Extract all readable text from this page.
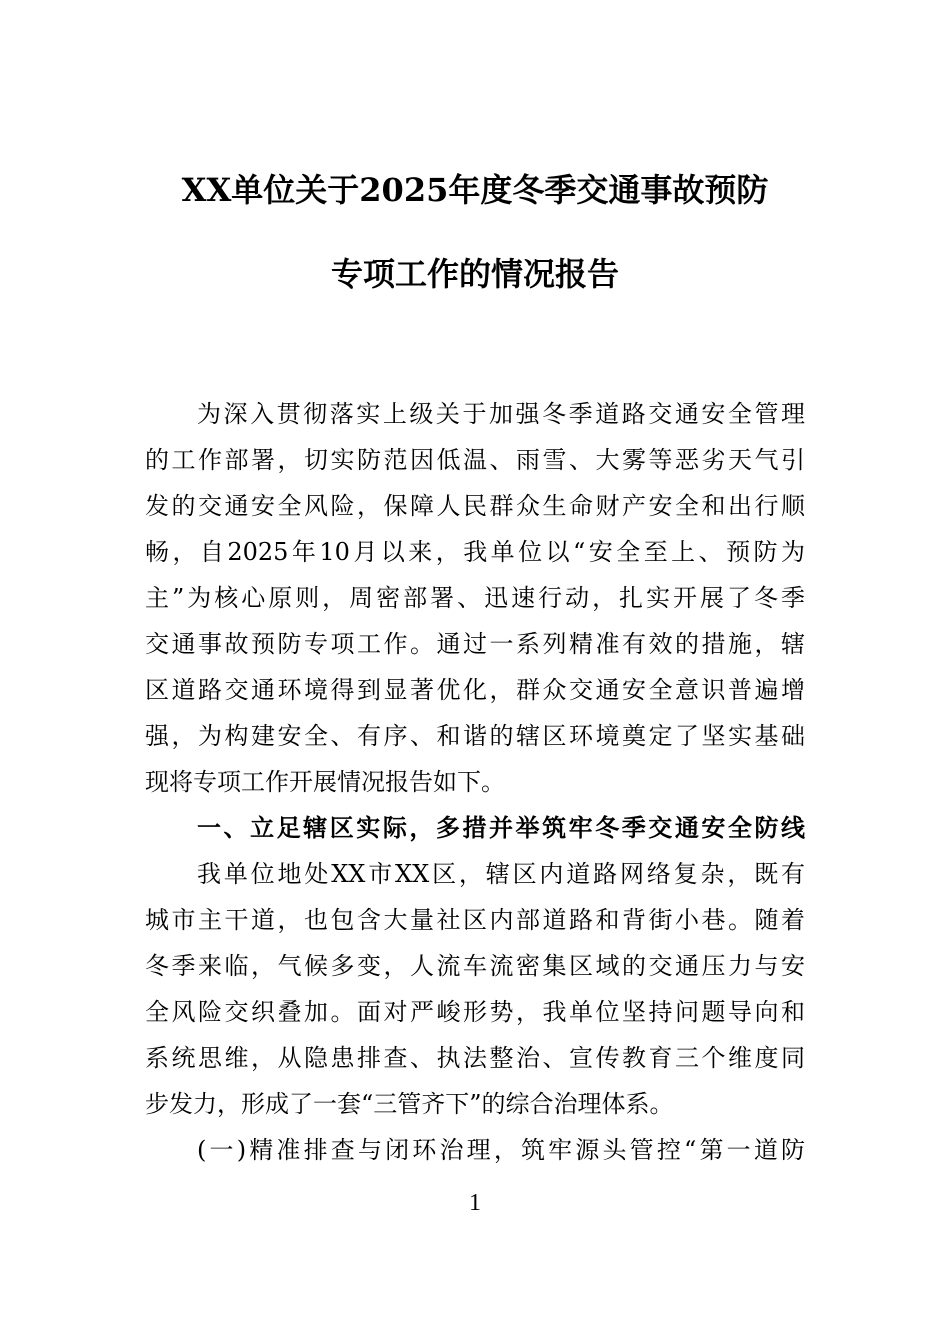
XX单位关于2025年度冬季交通事故预防
专项工作的情况报告
为深入贯彻落实上级关于加强冬季道路交通安全管理
的工作部署，切实防范因低温、雨雪、大雾等恶劣天气引
发的交通安全风险，保障人民群众生命财产安全和出行顺
畅，自2025年10月以来，我单位以“安全至上、预防为
主”为核心原则，周密部署、迅速行动，扎实开展了冬季
交通事故预防专项工作。通过一系列精准有效的措施，辖
区道路交通环境得到显著优化，群众交通安全意识普遍增
强，为构建安全、有序、和谐的辖区环境奠定了坚实基础
现将专项工作开展情况报告如下。
一、立足辖区实际，多措并举筑牢冬季交通安全防线
我单位地处XX市XX区，辖区内道路网络复杂，既有
城市主干道，也包含大量社区内部道路和背街小巷。随着
冬季来临，气候多变，人流车流密集区域的交通压力与安
全风险交织叠加。面对严峻形势，我单位坚持问题导向和
系统思维，从隐患排查、执法整治、宣传教育三个维度同
步发力，形成了一套“三管齐下”的综合治理体系。
(一)精准排查与闭环治理，筑牢源头管控“第一道防
1
